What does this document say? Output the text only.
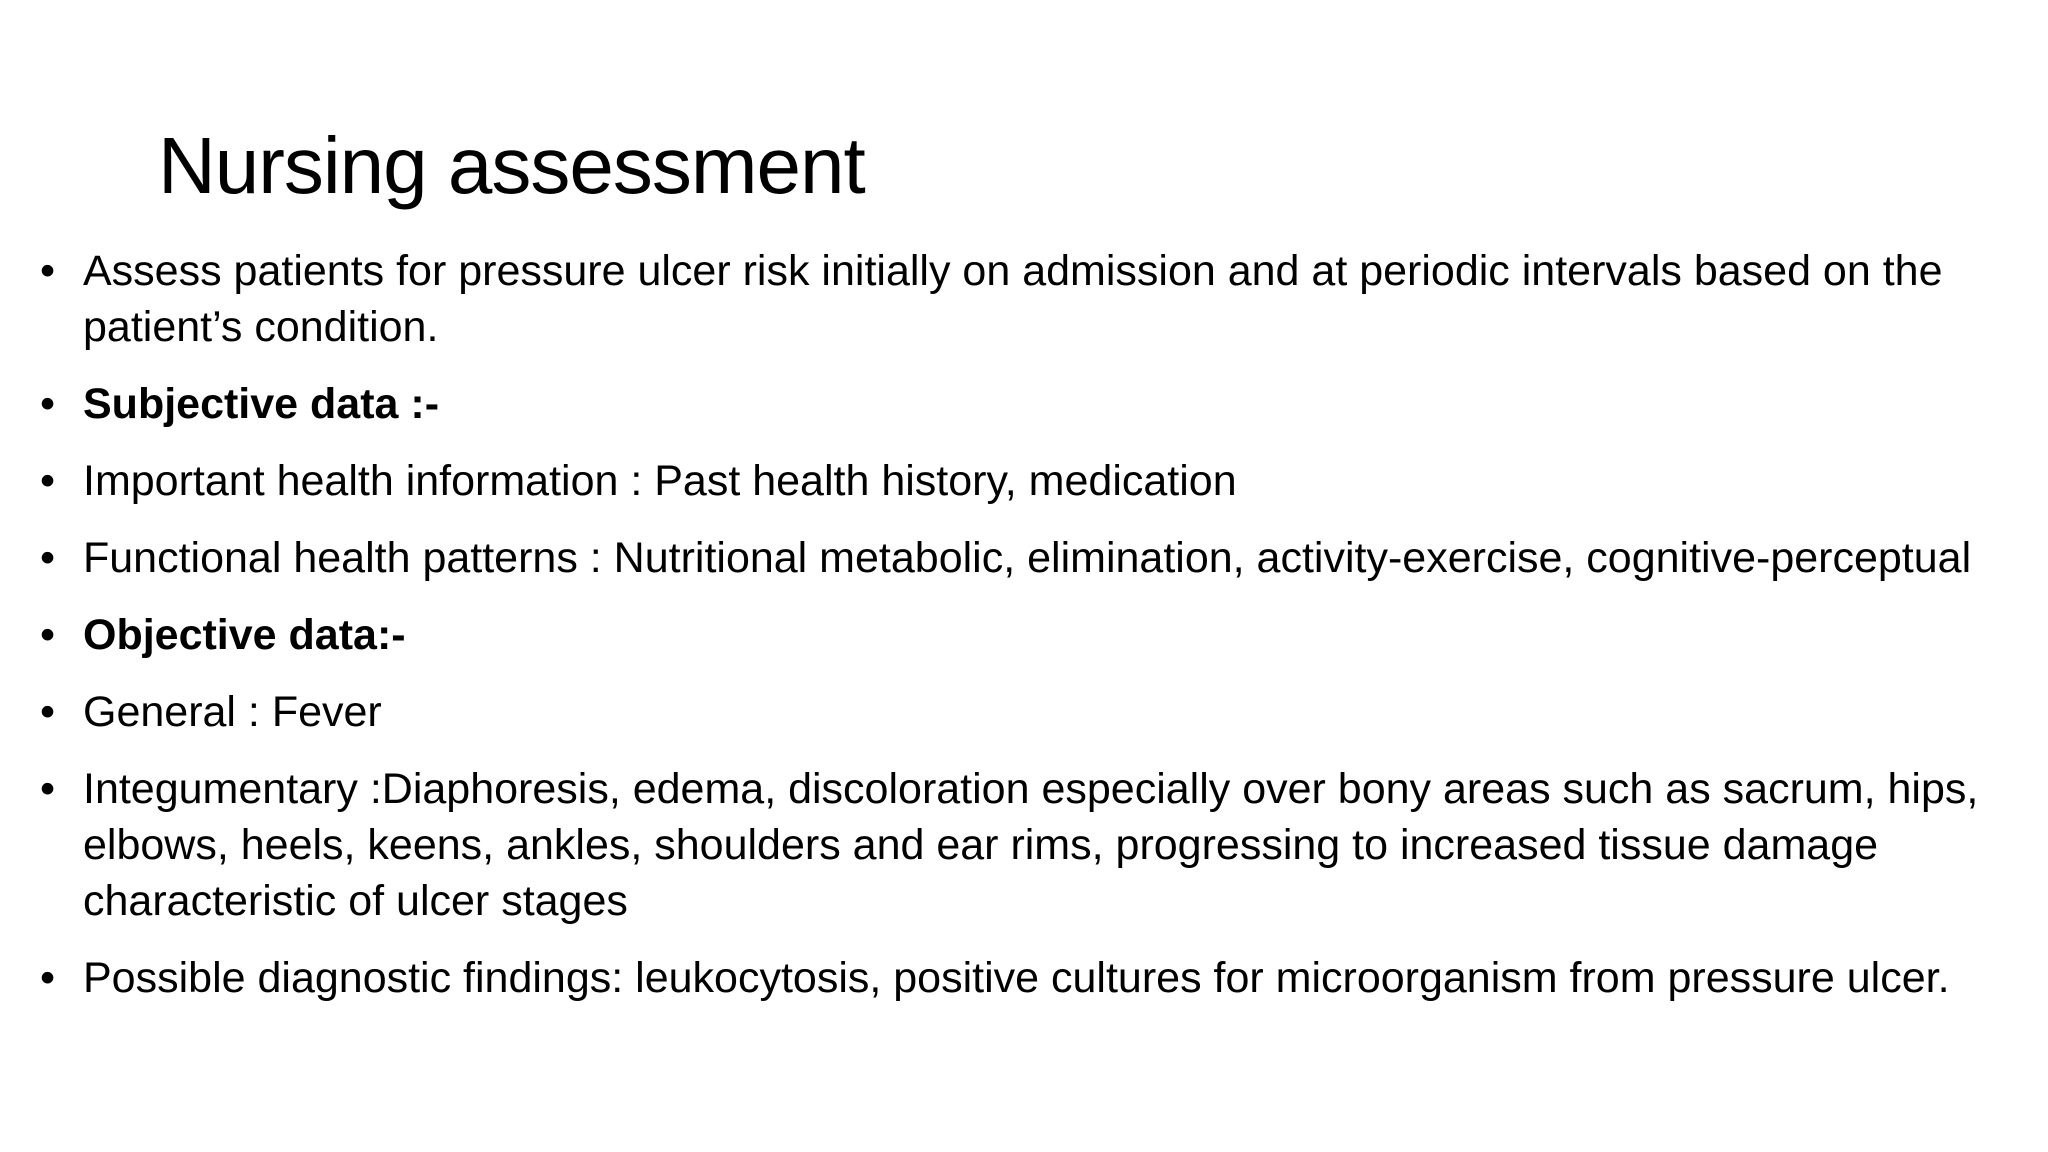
Nursing assessment
• Assess patients for pressure ulcer risk initially on admission and at periodic intervals based on the patient’s condition.
• Subjective data :-
• Important health information : Past health history, medication
• Functional health patterns : Nutritional metabolic, elimination, activity-exercise, cognitive-perceptual
• Objective data:-
• General : Fever
• Integumentary :Diaphoresis, edema, discoloration especially over bony areas such as sacrum, hips, elbows, heels, keens, ankles, shoulders and ear rims, progressing to increased tissue damage characteristic of ulcer stages
• Possible diagnostic findings: leukocytosis, positive cultures for microorganism from pressure ulcer.
